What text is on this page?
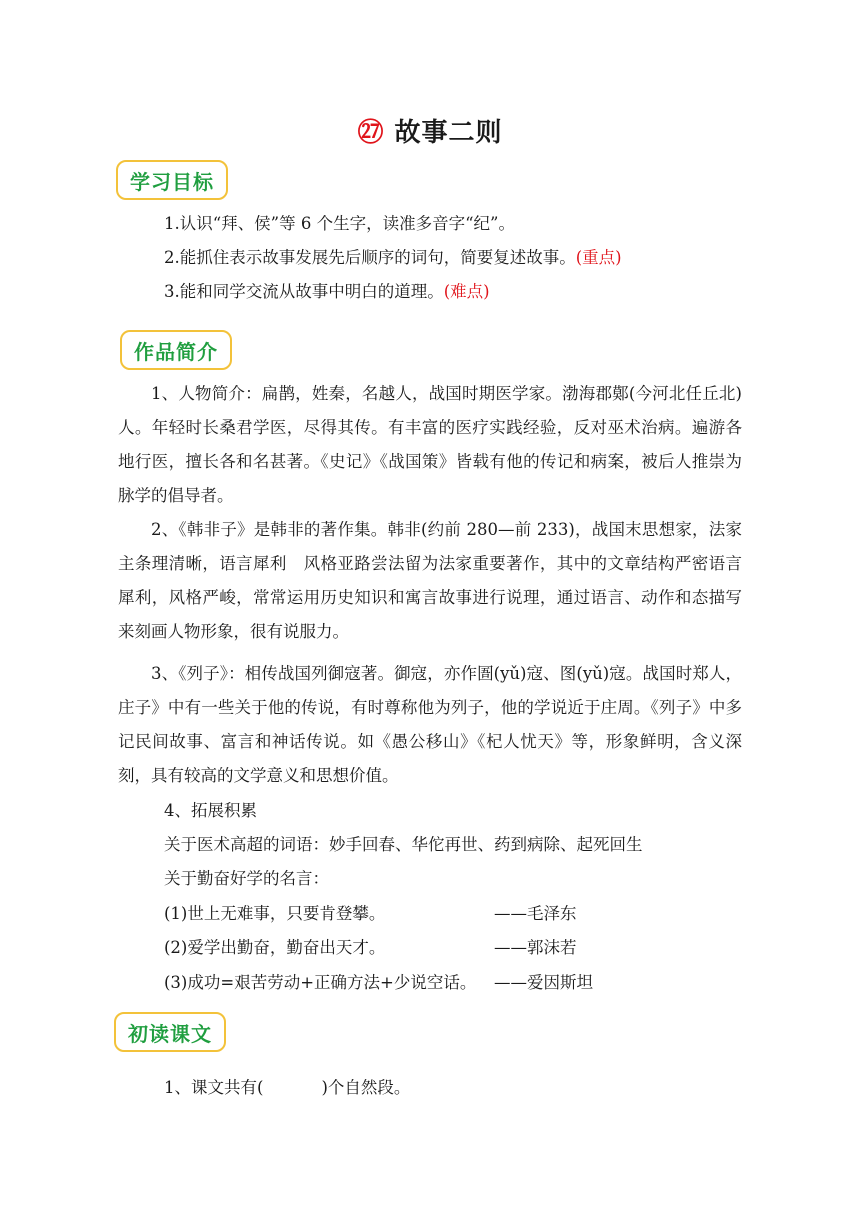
㉗ 故事二则
学习目标
1.认识“拜、侯”等 6 个生字，读准多音字“纪”。
2.能抓住表示故事发展先后顺序的词句，简要复述故事。(重点)
3.能和同学交流从故事中明白的道理。(难点)
作品简介

1、人物简介：扁鹊，姓秦，名越人，战国时期医学家。渤海郡鄚(今河北任丘北)人。年轻时长桑君学医，尽得其传。有丰富的医疗实践经验，反对巫术治病。遍游各地行医，擅长各和名甚著。《史记》《战国策》皆载有他的传记和病案，被后人推崇为脉学的倡导者。

2、《韩非子》是韩非的著作集。韩非(约前 280—前 233)，战国末思想家，法家主条理清晰，语言犀利　风格亚路尝法留为法家重要著作，其中的文章结构严密语言犀利，风格严峻，常常运用历史知识和寓言故事进行说理，通过语言、动作和态描写来刻画人物形象，很有说服力。

3、《列子》：相传战国列御寇著。御寇，亦作圄(yǔ)寇、图(yǔ)寇。战国时郑人，庄子》中有一些关于他的传说，有时尊称他为列子，他的学说近于庄周。《列子》中多记民间故事、富言和神话传说。如《愚公移山》《杞人忧天》等，形象鲜明，含义深刻，具有较高的文学意义和思想价值。

4、拓展积累
关于医术高超的词语：妙手回春、华佗再世、药到病除、起死回生
关于勤奋好学的名言：
(1)世上无难事，只要肯登攀。	——毛泽东
(2)爱学出勤奋，勤奋出天才。	——郭沫若
(3)成功=艰苦劳动+正确方法+少说空话。 ——爱因斯坦
初读课文
1、课文共有(	)个自然段。
